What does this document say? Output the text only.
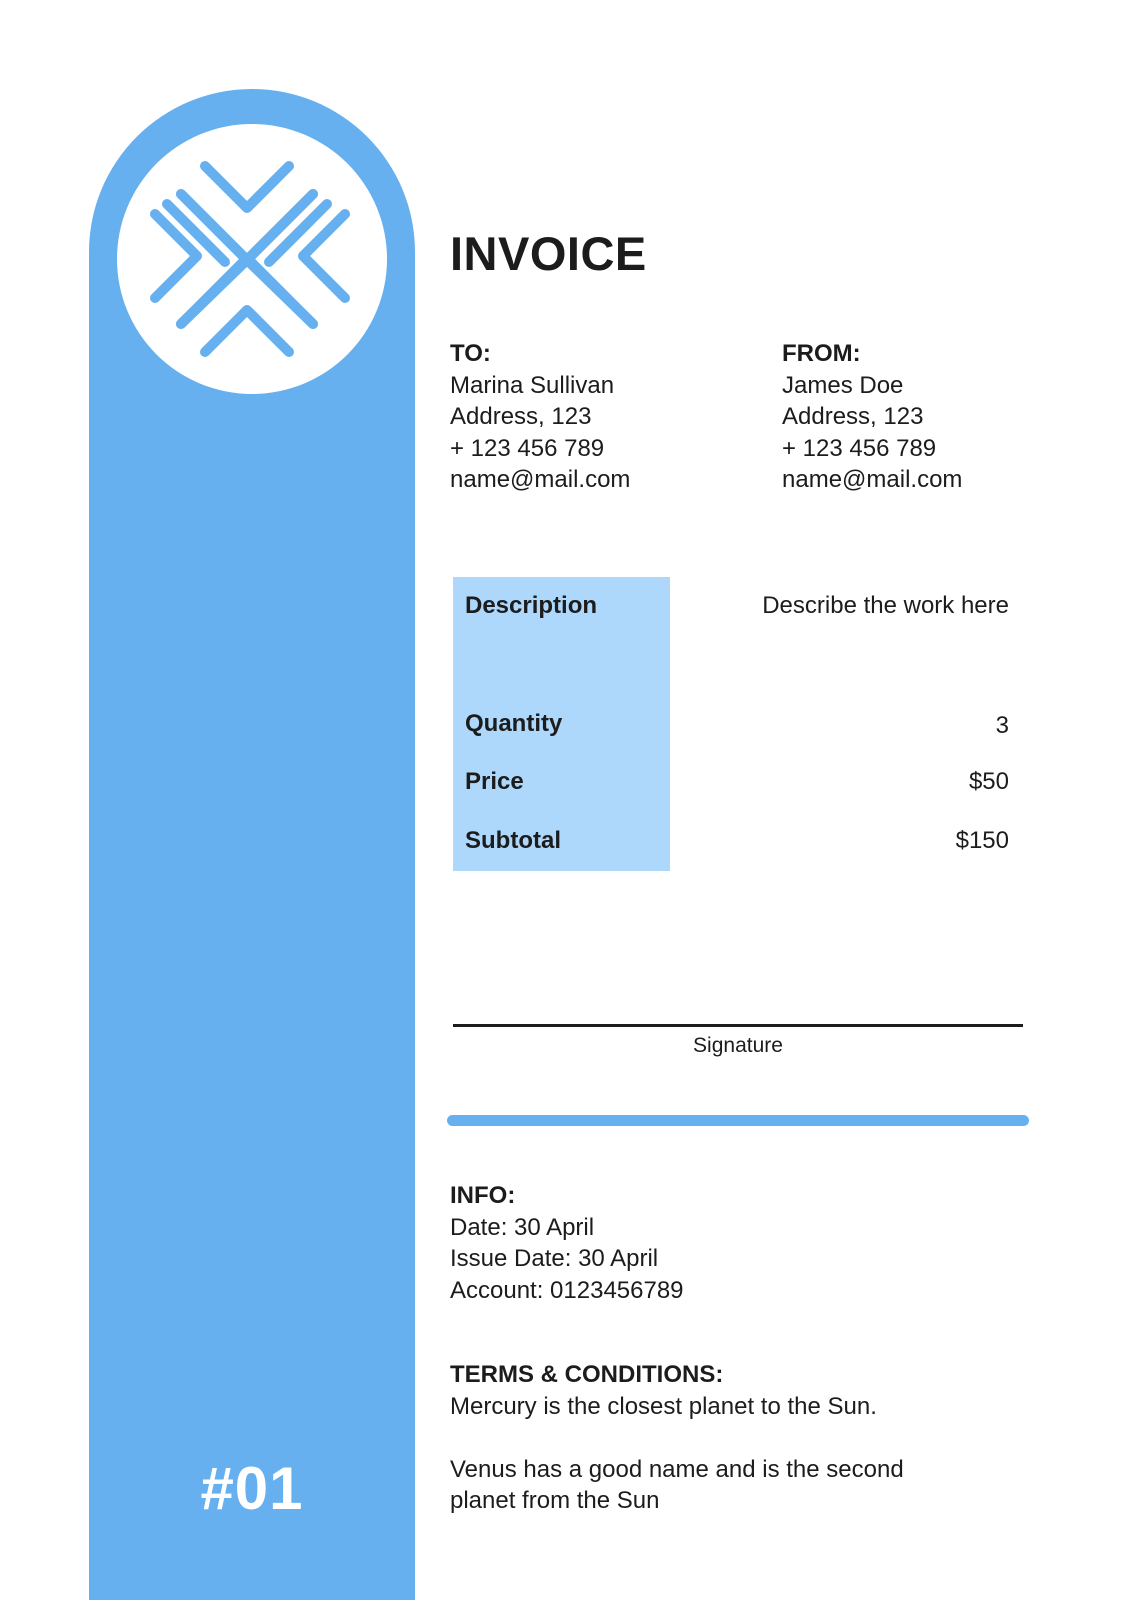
#01
INVOICE
TO:
Marina Sullivan
Address, 123
+ 123 456 789
name@mail.com
FROM:
James Doe
Address, 123
+ 123 456 789
name@mail.com
Description	Describe the work here
Quantity	3
Price	$50
Subtotal	$150
Signature
INFO:
Date: 30 April
Issue Date: 30 April
Account: 0123456789
TERMS & CONDITIONS:
Mercury is the closest planet to the Sun.
Venus has a good name and is the second
planet from the Sun
